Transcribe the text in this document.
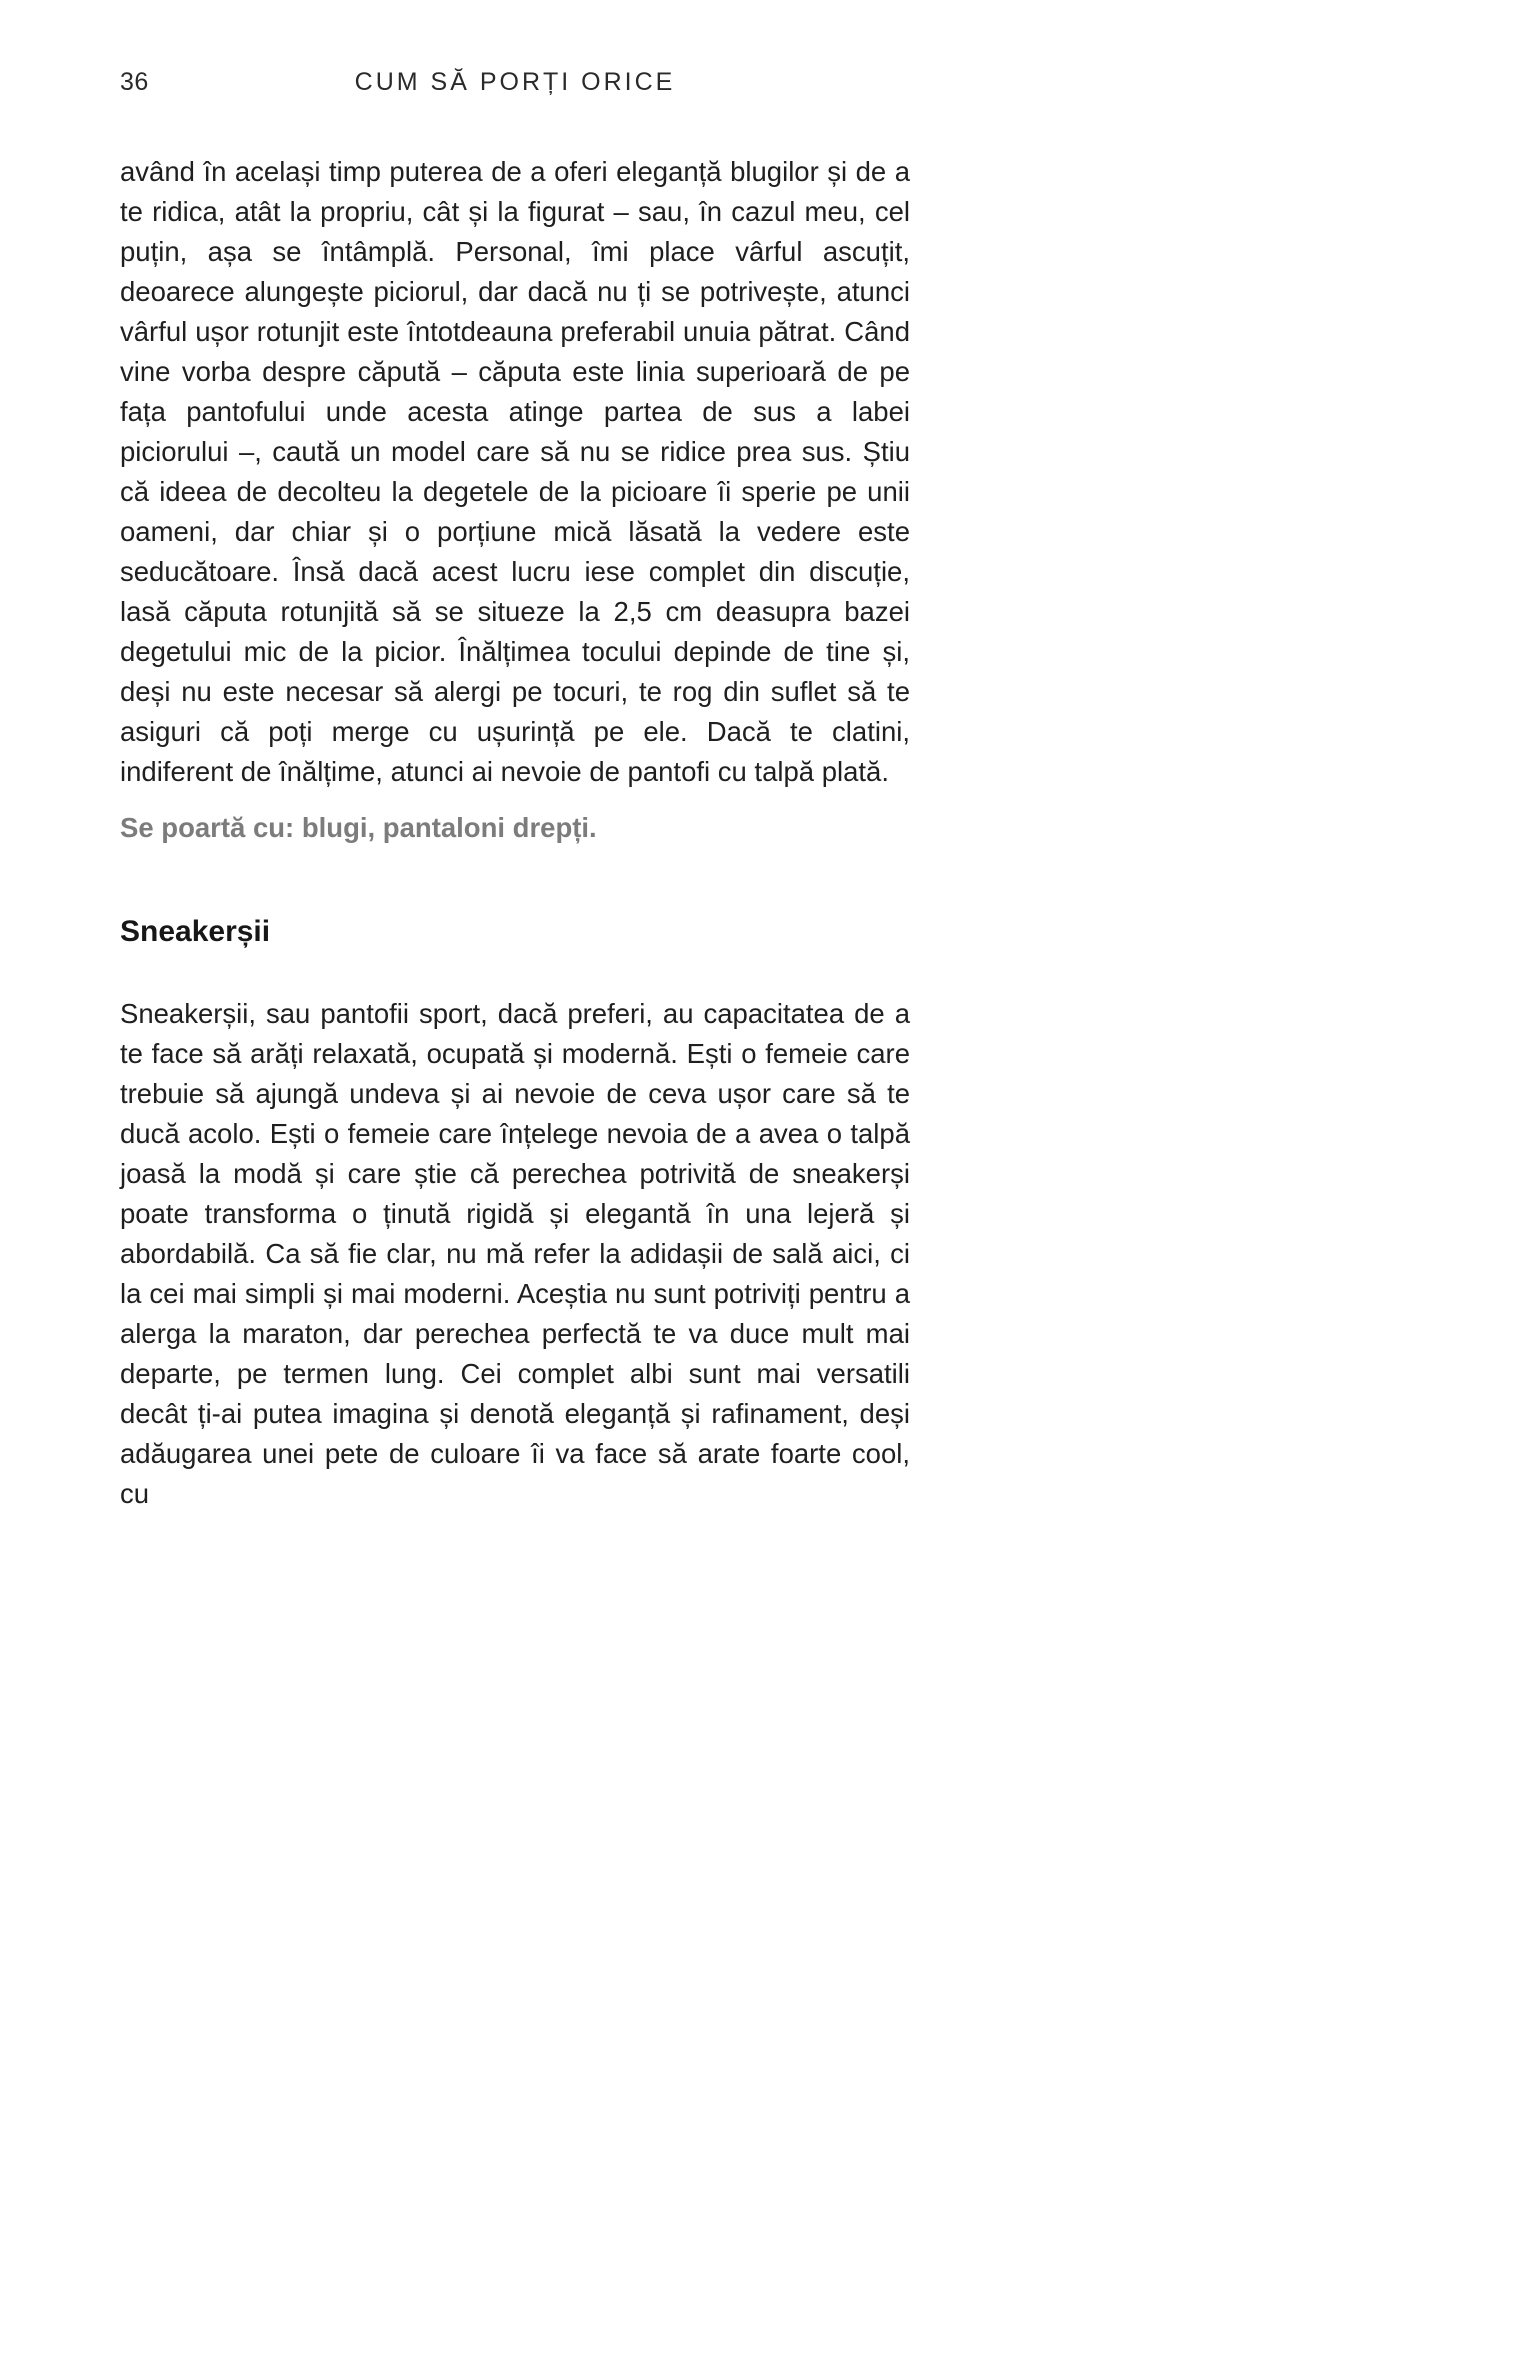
36	CUM SĂ PORȚI ORICE

având în același timp puterea de a oferi eleganță blugilor și de a te ridica, atât la propriu, cât și la figurat – sau, în cazul meu, cel puțin, așa se întâmplă. Personal, îmi place vârful ascuțit, deoarece alungește piciorul, dar dacă nu ți se potrivește, atunci vârful ușor rotunjit este întotdeauna preferabil unuia pătrat. Când vine vorba despre căpută – căputa este linia superioară de pe fața pantofului unde acesta atinge partea de sus a labei piciorului –, caută un model care să nu se ridice prea sus. Știu că ideea de decolteu la degetele de la picioare îi sperie pe unii oameni, dar chiar și o porțiune mică lăsată la vedere este seducătoare. Însă dacă acest lucru iese complet din discuție, lasă căputa rotunjită să se situeze la 2,5 cm deasupra bazei degetului mic de la picior. Înălțimea tocului depinde de tine și, deși nu este necesar să alergi pe tocuri, te rog din suflet să te asiguri că poți merge cu ușurință pe ele. Dacă te clatini, indiferent de înălțime, atunci ai nevoie de pantofi cu talpă plată.

Se poartă cu: blugi, pantaloni drepți.

Sneakerșii

Sneakerșii, sau pantofii sport, dacă preferi, au capacitatea de a te face să arăți relaxată, ocupată și modernă. Ești o femeie care trebuie să ajungă undeva și ai nevoie de ceva ușor care să te ducă acolo. Ești o femeie care înțelege nevoia de a avea o talpă joasă la modă și care știe că perechea potrivită de sneakerși poate transforma o ținută rigidă și elegantă în una lejeră și abordabilă. Ca să fie clar, nu mă refer la adidașii de sală aici, ci la cei mai simpli și mai moderni. Aceștia nu sunt potriviți pentru a alerga la maraton, dar perechea perfectă te va duce mult mai departe, pe termen lung. Cei complet albi sunt mai versatili decât ți-ai putea imagina și denotă eleganță și rafinament, deși adăugarea unei pete de culoare îi va face să arate foarte cool, cu
